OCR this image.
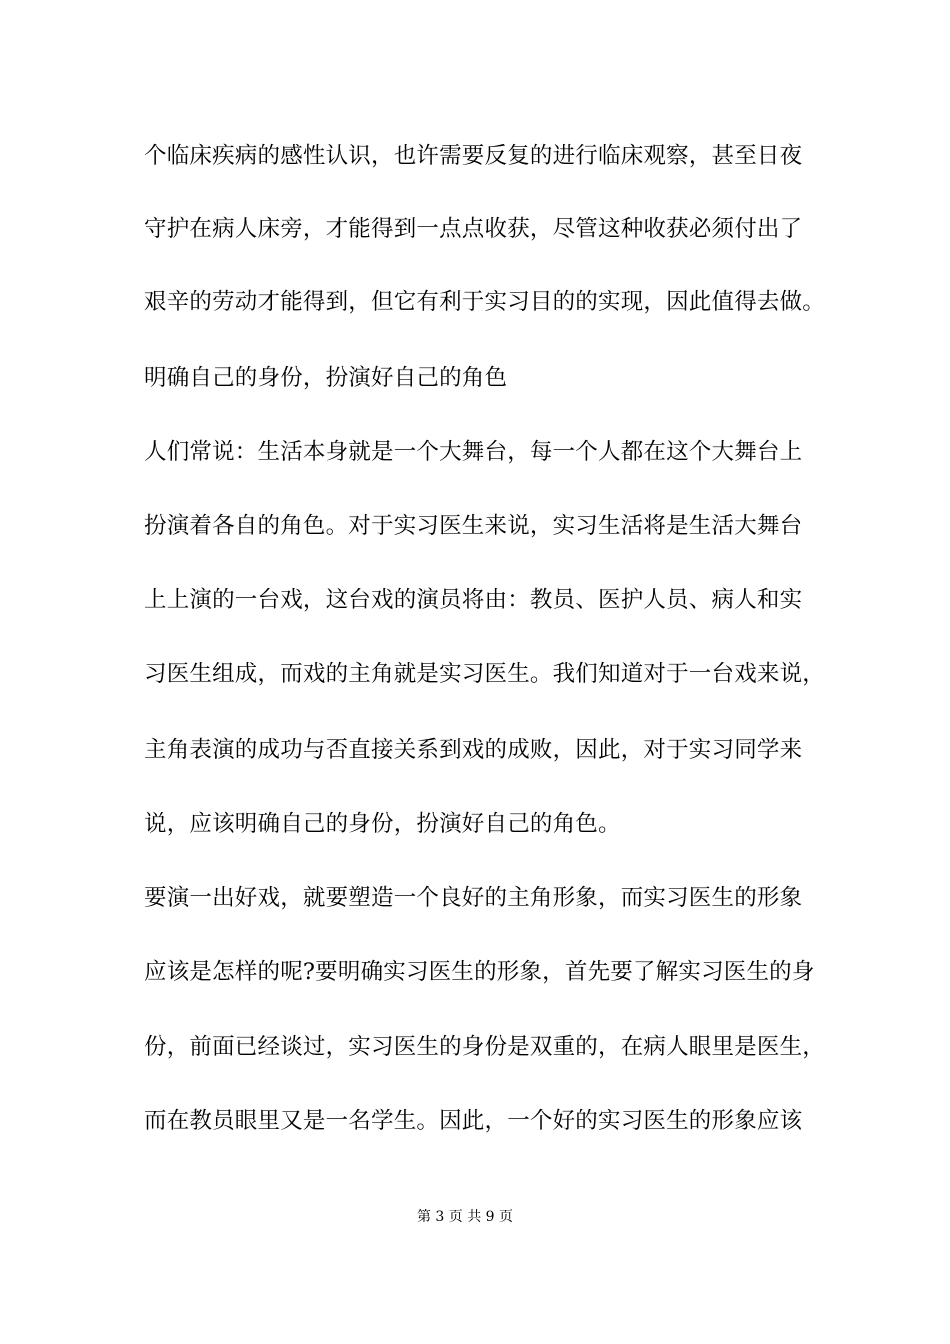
个临床疾病的感性认识，也许需要反复的进行临床观察，甚至日夜
守护在病人床旁，才能得到一点点收获，尽管这种收获必须付出了
艰辛的劳动才能得到，但它有利于实习目的的实现，因此值得去做。
明确自己的身份，扮演好自己的角色
人们常说：生活本身就是一个大舞台，每一个人都在这个大舞台上
扮演着各自的角色。对于实习医生来说，实习生活将是生活大舞台
上上演的一台戏，这台戏的演员将由：教员、医护人员、病人和实
习医生组成，而戏的主角就是实习医生。我们知道对于一台戏来说，
主角表演的成功与否直接关系到戏的成败，因此，对于实习同学来
说，应该明确自己的身份，扮演好自己的角色。
要演一出好戏，就要塑造一个良好的主角形象，而实习医生的形象
应该是怎样的呢?要明确实习医生的形象，首先要了解实习医生的身
份，前面已经谈过，实习医生的身份是双重的，在病人眼里是医生，
而在教员眼里又是一名学生。因此，一个好的实习医生的形象应该
第 3 页 共 9 页
